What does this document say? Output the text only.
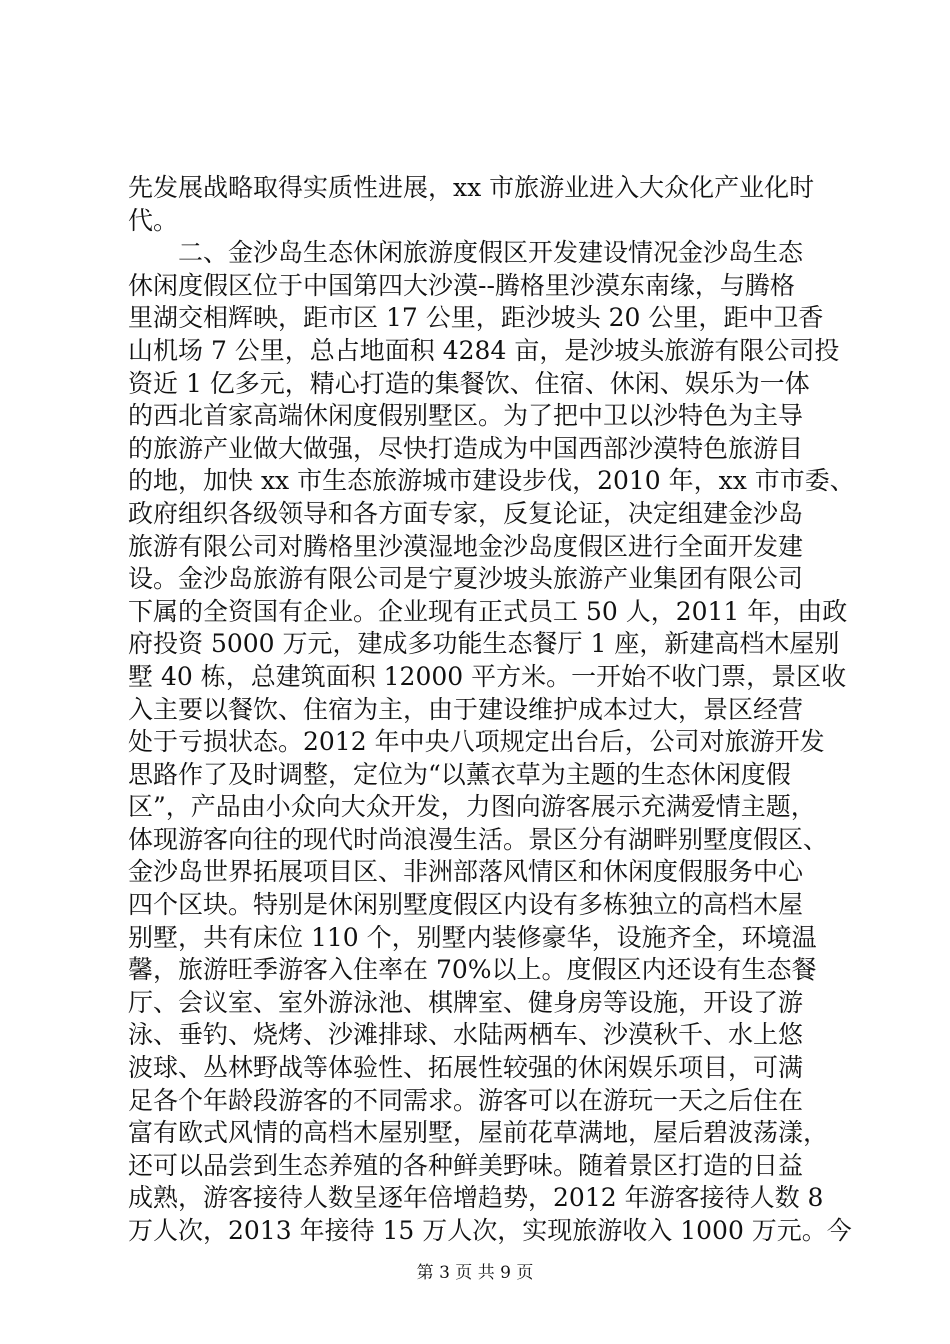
先发展战略取得实质性进展，xx 市旅游业进入大众化产业化时
代。
　　二、金沙岛生态休闲旅游度假区开发建设情况金沙岛生态
休闲度假区位于中国第四大沙漠--腾格里沙漠东南缘，与腾格
里湖交相辉映，距市区 17 公里，距沙坡头 20 公里，距中卫香
山机场 7 公里，总占地面积 4284 亩，是沙坡头旅游有限公司投
资近 1 亿多元，精心打造的集餐饮、住宿、休闲、娱乐为一体
的西北首家高端休闲度假别墅区。为了把中卫以沙特色为主导
的旅游产业做大做强，尽快打造成为中国西部沙漠特色旅游目
的地，加快 xx 市生态旅游城市建设步伐，2010 年，xx 市市委、
政府组织各级领导和各方面专家，反复论证，决定组建金沙岛
旅游有限公司对腾格里沙漠湿地金沙岛度假区进行全面开发建
设。金沙岛旅游有限公司是宁夏沙坡头旅游产业集团有限公司
下属的全资国有企业。企业现有正式员工 50 人，2011 年，由政
府投资 5000 万元，建成多功能生态餐厅 1 座，新建高档木屋别
墅 40 栋，总建筑面积 12000 平方米。一开始不收门票，景区收
入主要以餐饮、住宿为主，由于建设维护成本过大，景区经营
处于亏损状态。2012 年中央八项规定出台后，公司对旅游开发
思路作了及时调整，定位为“以薰衣草为主题的生态休闲度假
区”，产品由小众向大众开发，力图向游客展示充满爱情主题，
体现游客向往的现代时尚浪漫生活。景区分有湖畔别墅度假区、
金沙岛世界拓展项目区、非洲部落风情区和休闲度假服务中心
四个区块。特别是休闲别墅度假区内设有多栋独立的高档木屋
别墅，共有床位 110 个，别墅内装修豪华，设施齐全，环境温
馨，旅游旺季游客入住率在 70%以上。度假区内还设有生态餐
厅、会议室、室外游泳池、棋牌室、健身房等设施，开设了游
泳、垂钓、烧烤、沙滩排球、水陆两栖车、沙漠秋千、水上悠
波球、丛林野战等体验性、拓展性较强的休闲娱乐项目，可满
足各个年龄段游客的不同需求。游客可以在游玩一天之后住在
富有欧式风情的高档木屋别墅，屋前花草满地，屋后碧波荡漾，
还可以品尝到生态养殖的各种鲜美野味。随着景区打造的日益
成熟，游客接待人数呈逐年倍增趋势，2012 年游客接待人数 8
万人次，2013 年接待 15 万人次，实现旅游收入 1000 万元。今
第 3 页 共 9 页
